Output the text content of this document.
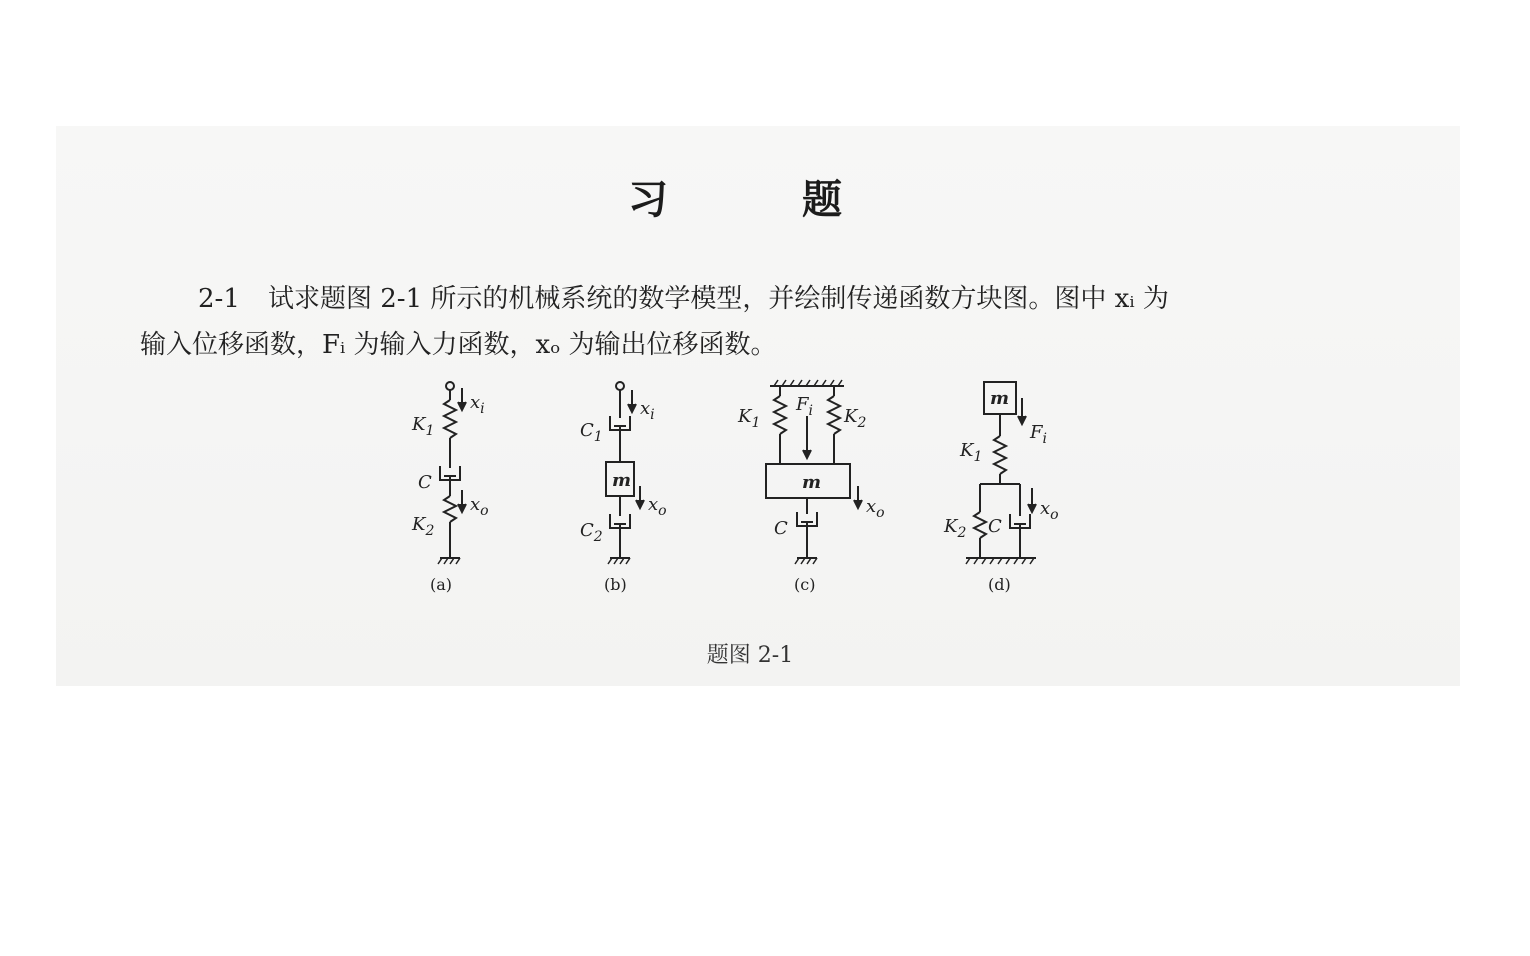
习 题
2-1 试求题图 2-1 所示的机械系统的数学模型，并绘制传递函数方块图。图中 xᵢ 为
输入位移函数，Fᵢ 为输入力函数，xₒ 为输出位移函数。
$K_1$
C
$K_2$
$x_i$
$x_o$
(a)
$C_1$
m
$C_2$
$x_i$
$x_o$
(b)
$K_1$
$F_i$ $K_2$
m
C
$x_o$
(c)
m
$F_i$
$K_1$
$K_2$ C
$x_o$
(d)
题图 2-1
